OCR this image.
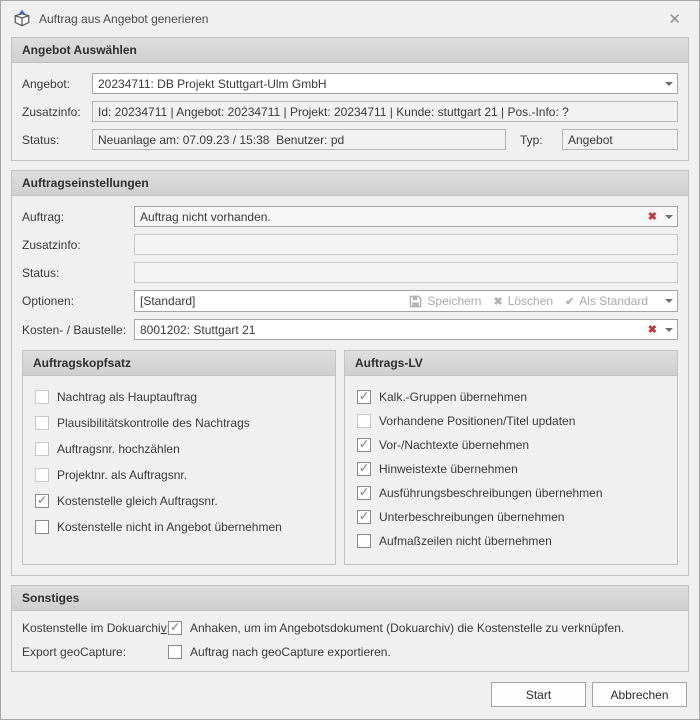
Auftrag aus Angebot generieren	✕
Angebot Auswählen
Angebot:	20234711: DB Projekt Stuttgart-Ulm GmbH
Zusatzinfo:	Id: 20234711 | Angebot: 20234711 | Projekt: 20234711 | Kunde: stuttgart 21 | Pos.-Info: ?
Status:	Neuanlage am: 07.09.23 / 15:38  Benutzer: pd	Typ:	Angebot
Auftragseinstellungen
Auftrag:	Auftrag nicht vorhanden.	✖
Zusatzinfo:
Status:
Optionen:	[Standard]	Speichern ✖ Löschen ✔ Als Standard
Kosten- / Baustelle:	8001202: Stuttgart 21	✖
Auftragskopfsatz
Nachtrag als Hauptauftrag
Plausibilitätskontrolle des Nachtrags
Auftragsnr. hochzählen
Projektnr. als Auftragsnr.
✓
Kostenstelle gleich Auftragsnr.
Kostenstelle nicht in Angebot übernehmen
Auftrags-LV
✓
Kalk.-Gruppen übernehmen
Vorhandene Positionen/Titel updaten
✓
Vor-/Nachtexte übernehmen
✓
Hinweistexte übernehmen
✓
Ausführungsbeschreibungen übernehmen
✓
Unterbeschreibungen übernehmen
Aufmaßzeilen nicht übernehmen
Sonstiges
Kostenstelle im Dokuarchiv ✓ Anhaken, um im Angebotsdokument (Dokuarchiv) die Kostenstelle zu verknüpfen.
Export geoCapture:	Auftrag nach geoCapture exportieren.
Start	Abbrechen
